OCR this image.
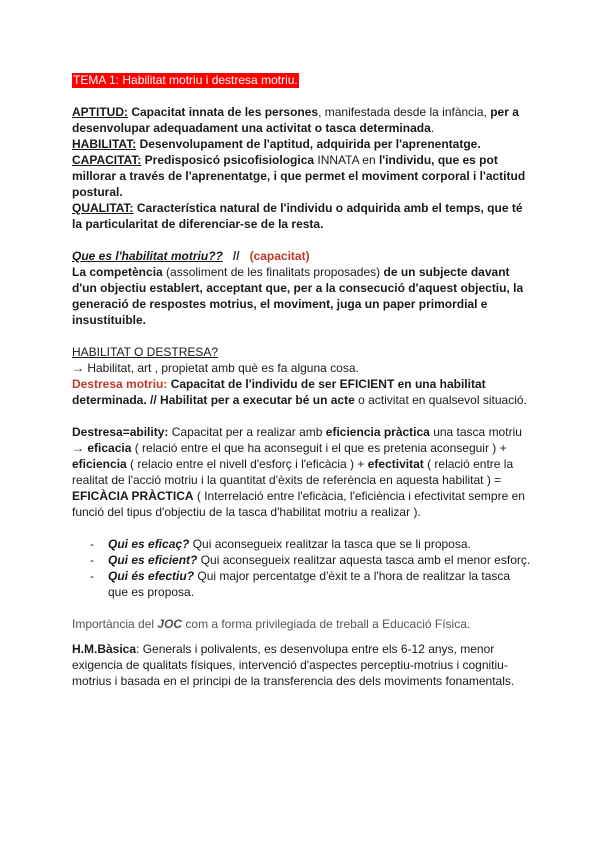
TEMA 1: Habilitat motriu i destresa motriu.

APTITUD: Capacitat innata de les persones, manifestada desde la infància, per a desenvolupar adequadament una activitat o tasca determinada.

HABILITAT: Desenvolupament de l'aptitud, adquirida per l'aprenentatge.

CAPACITAT: Predisposicó psicofisiologica INNATA en l'individu, que es pot millorar a través de l'aprenentatge, i que permet el moviment corporal i l'actitud postural.

QUALITAT: Característica natural de l'individu o adquirida amb el temps, que té la particularitat de diferenciar-se de la resta.

Que es l'habilitat motriu?? // (capacitat)

La competència (assoliment de les finalitats proposades) de un subjecte davant d'un objectiu establert, acceptant que, per a la consecució d'aquest objectiu, la generació de respostes motrius, el moviment, juga un paper primordial e insustituible.

HABILITAT O DESTRESA?

→ Habilitat, art , propietat amb què es fa alguna cosa.

Destresa motriu: Capacitat de l'individu de ser EFICIENT en una habilitat determinada. // Habilitat per a executar bé un acte o activitat en qualsevol situació.

Destresa=ability: Capacitat per a realizar amb eficiencia pràctica una tasca motriu → eficacia ( relació entre el que ha aconseguit i el que es pretenia aconseguir ) + eficiencia ( relacio entre el nivell d'esforç i l'eficàcia ) + efectivitat ( relació entre la realitat de l'acció motriu i la quantitat d'èxits de referència en aquesta habilitat ) = EFICÀCIA PRÀCTICA ( Interrelació entre l'eficàcia, l'eficiència i efectivitat sempre en funció del tipus d'objectiu de la tasca d'habilitat motriu a realizar ).

- Qui es eficaç? Qui aconsegueix realitzar la tasca que se li proposa.
- Qui es eficient? Qui aconsegueix realitzar aquesta tasca amb el menor esforç.
- Qui és efectiu? Qui major percentatge d'èxit te a l'hora de realitzar la tasca que es proposa.

Importància del JOC com a forma privilegiada de treball a Educació Física.

H.M.Bàsica: Generals i polivalents, es desenvolupa entre els 6-12 anys, menor exigencia de qualitats físiques, intervenció d'aspectes perceptiu-motrius i cognitiu-motrius i basada en el principi de la transferencia des dels moviments fonamentals.
